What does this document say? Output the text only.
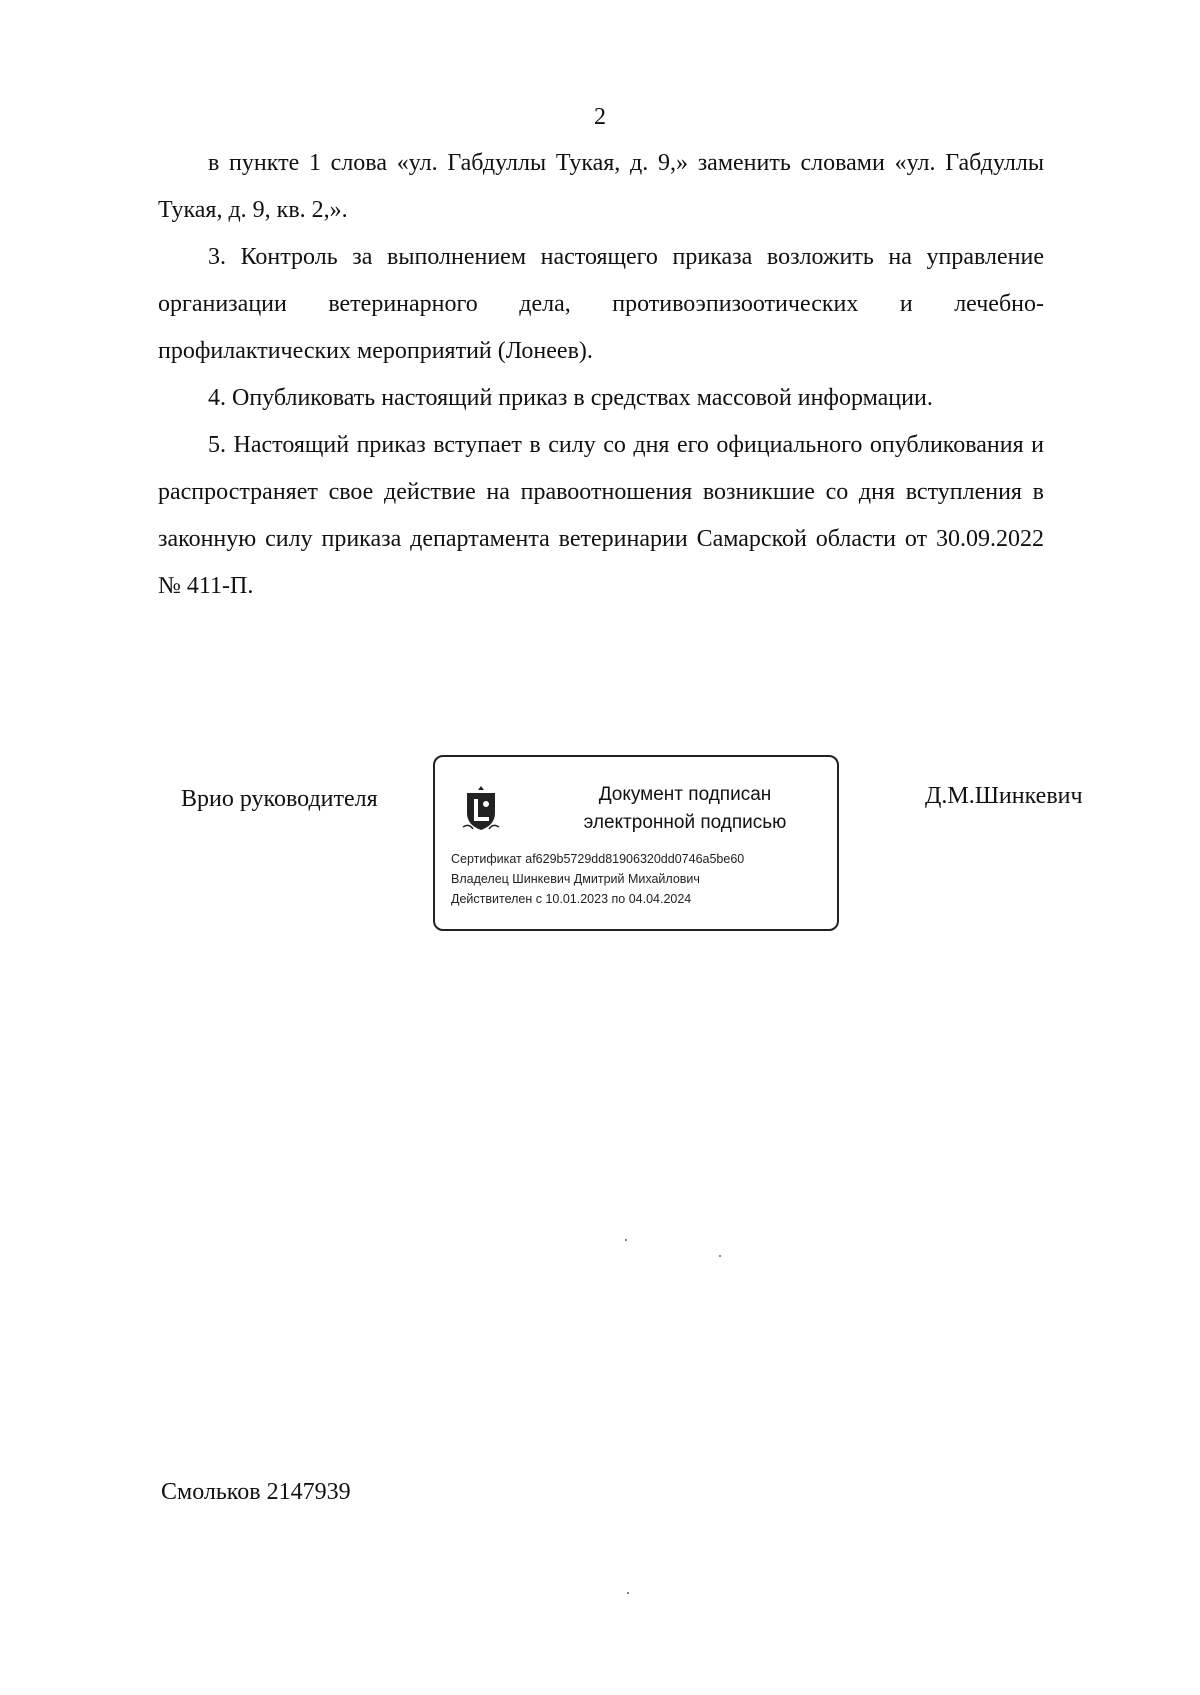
2

в пункте 1 слова «ул. Габдуллы Тукая, д. 9,» заменить словами «ул. Габдуллы Тукая, д. 9, кв. 2,».

3. Контроль за выполнением настоящего приказа возложить на управление организации ветеринарного дела, противоэпизоотических и лечебно-профилактических мероприятий (Лонеев).

4. Опубликовать настоящий приказ в средствах массовой информации.

5. Настоящий приказ вступает в силу со дня его официального опубликования и распространяет свое действие на правоотношения возникшие со дня вступления в законную силу приказа департамента ветеринарии Самарской области от 30.09.2022 № 411-П.

Врио руководителя	Документ подписан
электронной подписью
Сертификат af629b5729dd81906320dd0746a5be60
Владелец Шинкевич Дмитрий Михайлович
Действителен с 10.01.2023 по 04.04.2024
Д.М.Шинкевич
Смольков 2147939
